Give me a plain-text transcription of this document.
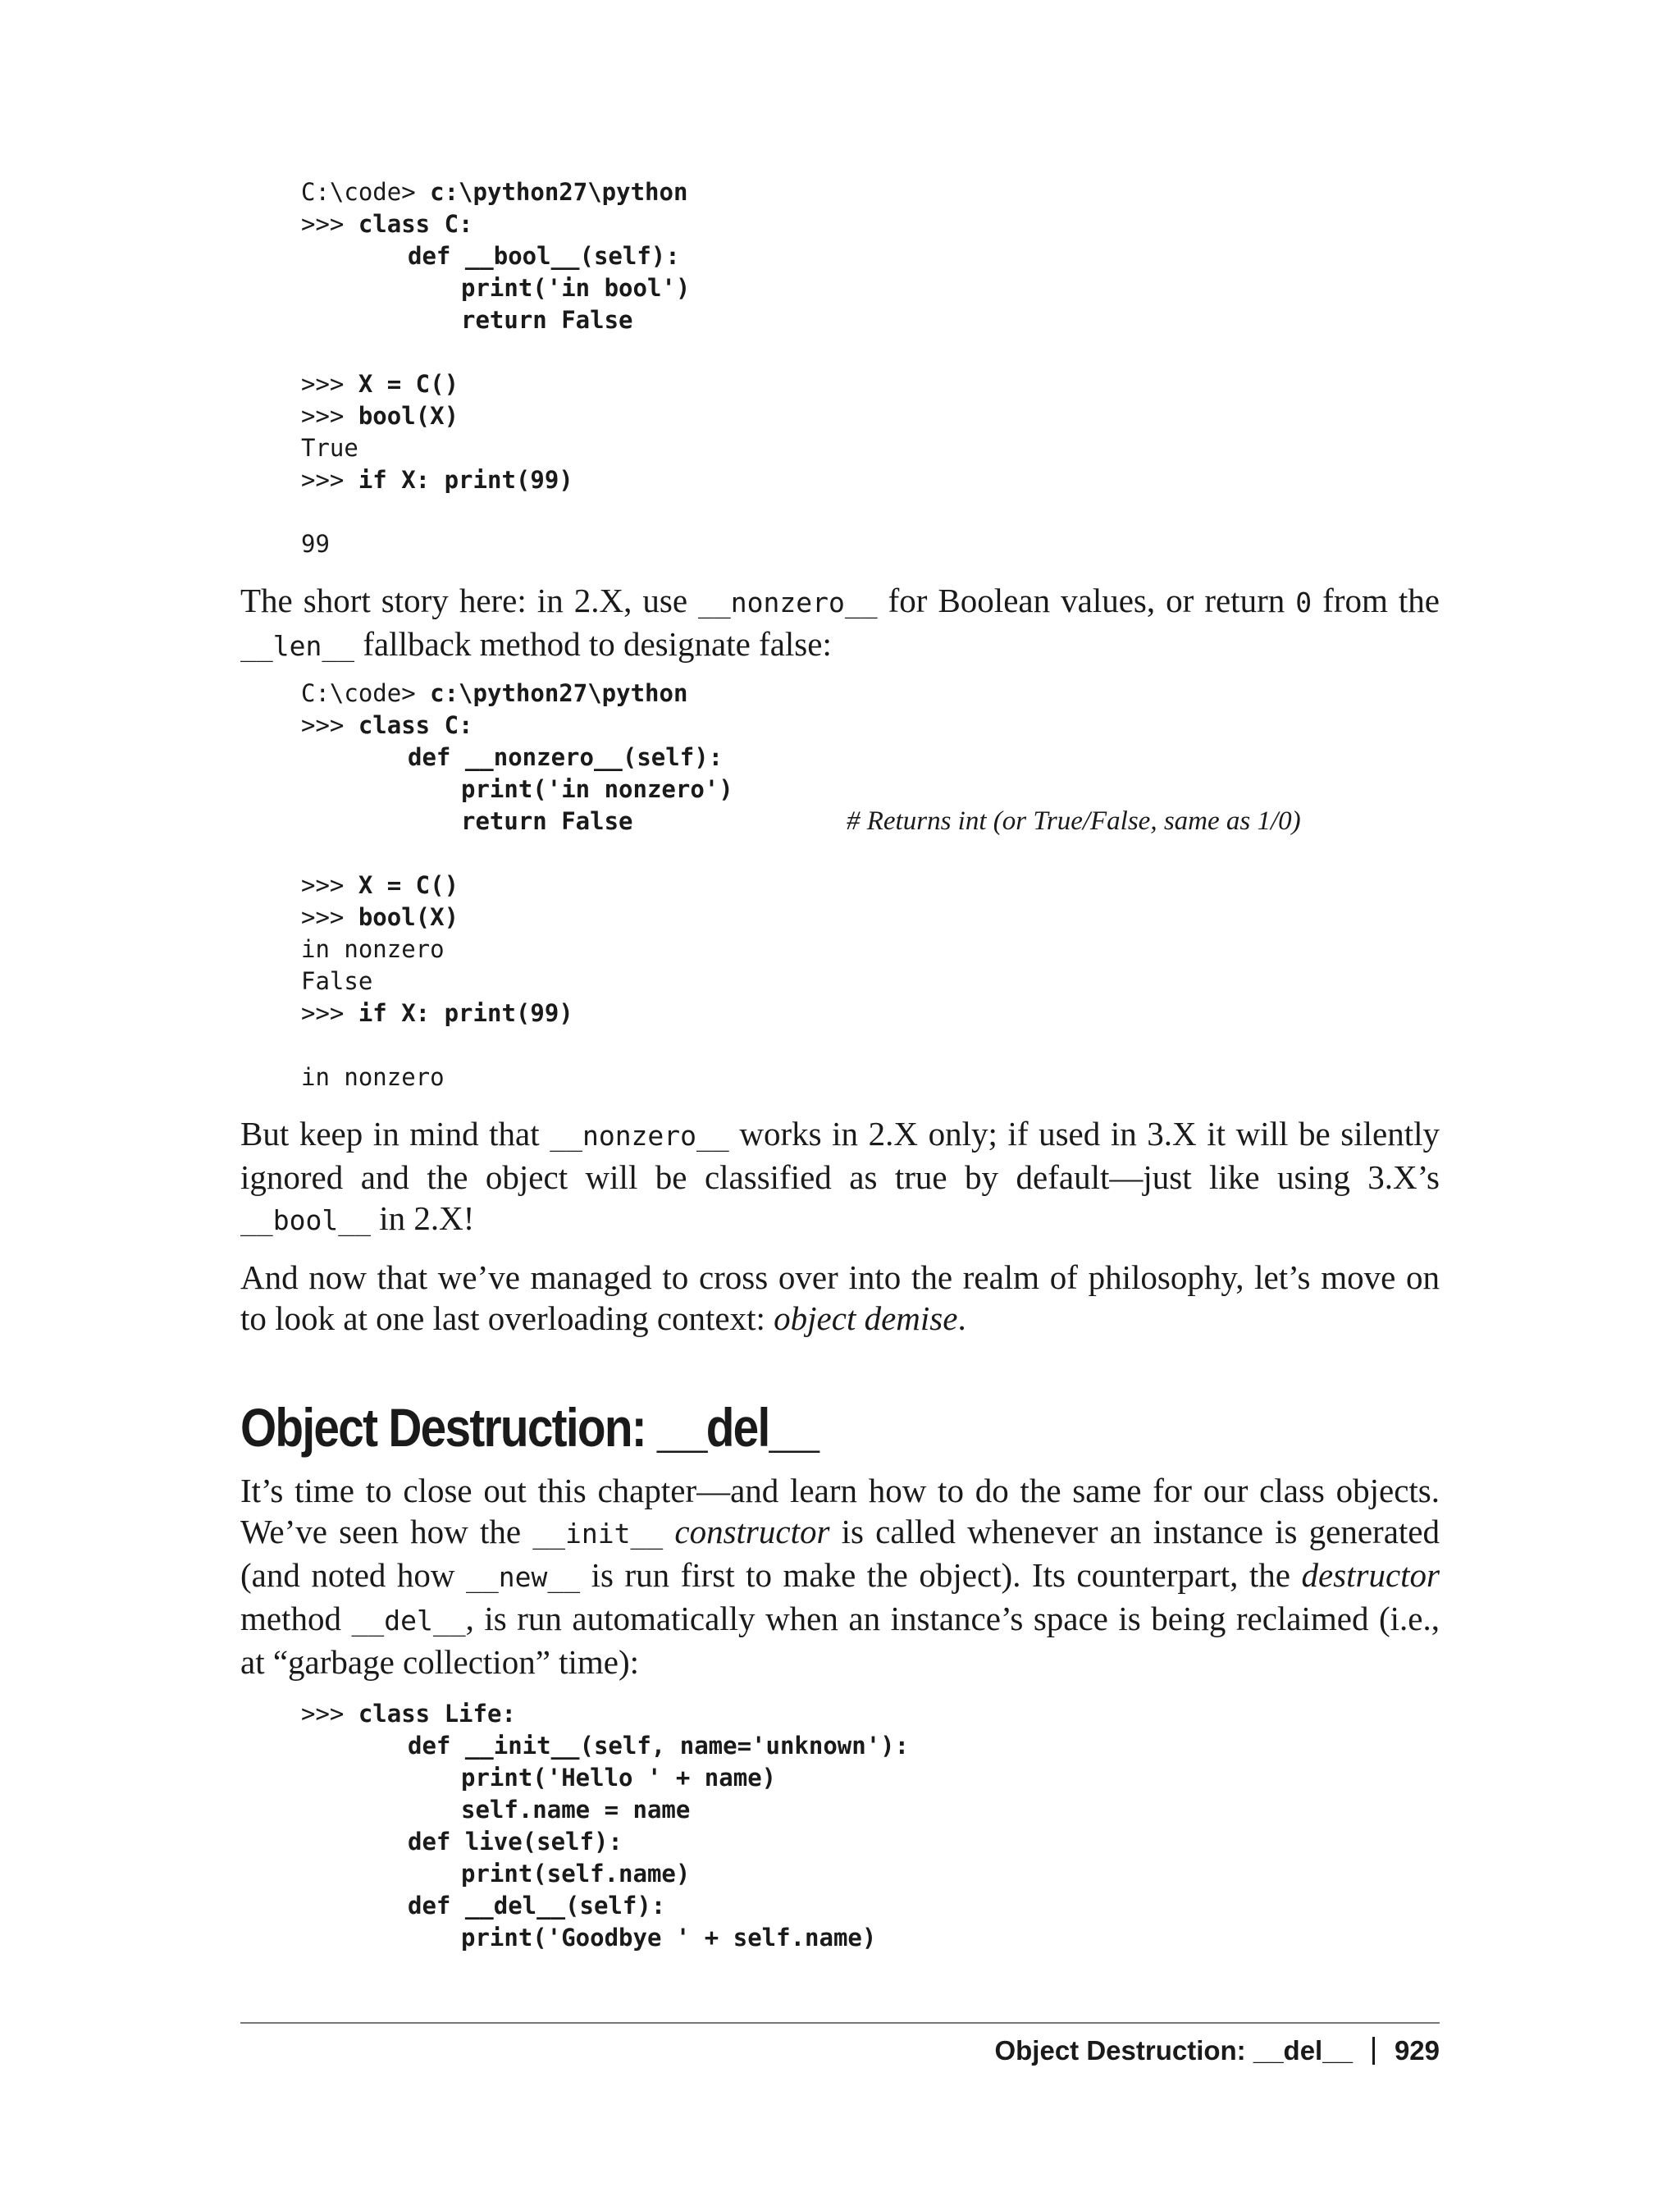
C:\code> c:\python27\python
>>> class C:
def __bool__(self):
print('in bool')
return False
>>> X = C()
>>> bool(X)
True
>>> if X: print(99)
99

The short story here: in 2.X, use __nonzero__ for Boolean values, or return 0 from the __len__ fallback method to designate false:

C:\code> c:\python27\python
>>> class C:
def __nonzero__(self):
print('in nonzero')
return False	# Returns int (or True/False, same as 1/0)
>>> X = C()
>>> bool(X)
in nonzero
False
>>> if X: print(99)
in nonzero

But keep in mind that __nonzero__ works in 2.X only; if used in 3.X it will be silently ignored and the object will be classified as true by default—just like using 3.X’s __bool__ in 2.X!

And now that we’ve managed to cross over into the realm of philosophy, let’s move on to look at one last overloading context: object demise.

Object Destruction: __del__

It’s time to close out this chapter—and learn how to do the same for our class objects. We’ve seen how the __init__ constructor is called whenever an instance is generated (and noted how __new__ is run first to make the object). Its counterpart, the destructor method __del__, is run automatically when an instance’s space is being reclaimed (i.e., at “garbage collection” time):

>>> class Life:
def __init__(self, name='unknown'):
print('Hello ' + name)
self.name = name
def live(self):
print(self.name)
def __del__(self):
print('Goodbye ' + self.name)
Object Destruction: __del__ 929
